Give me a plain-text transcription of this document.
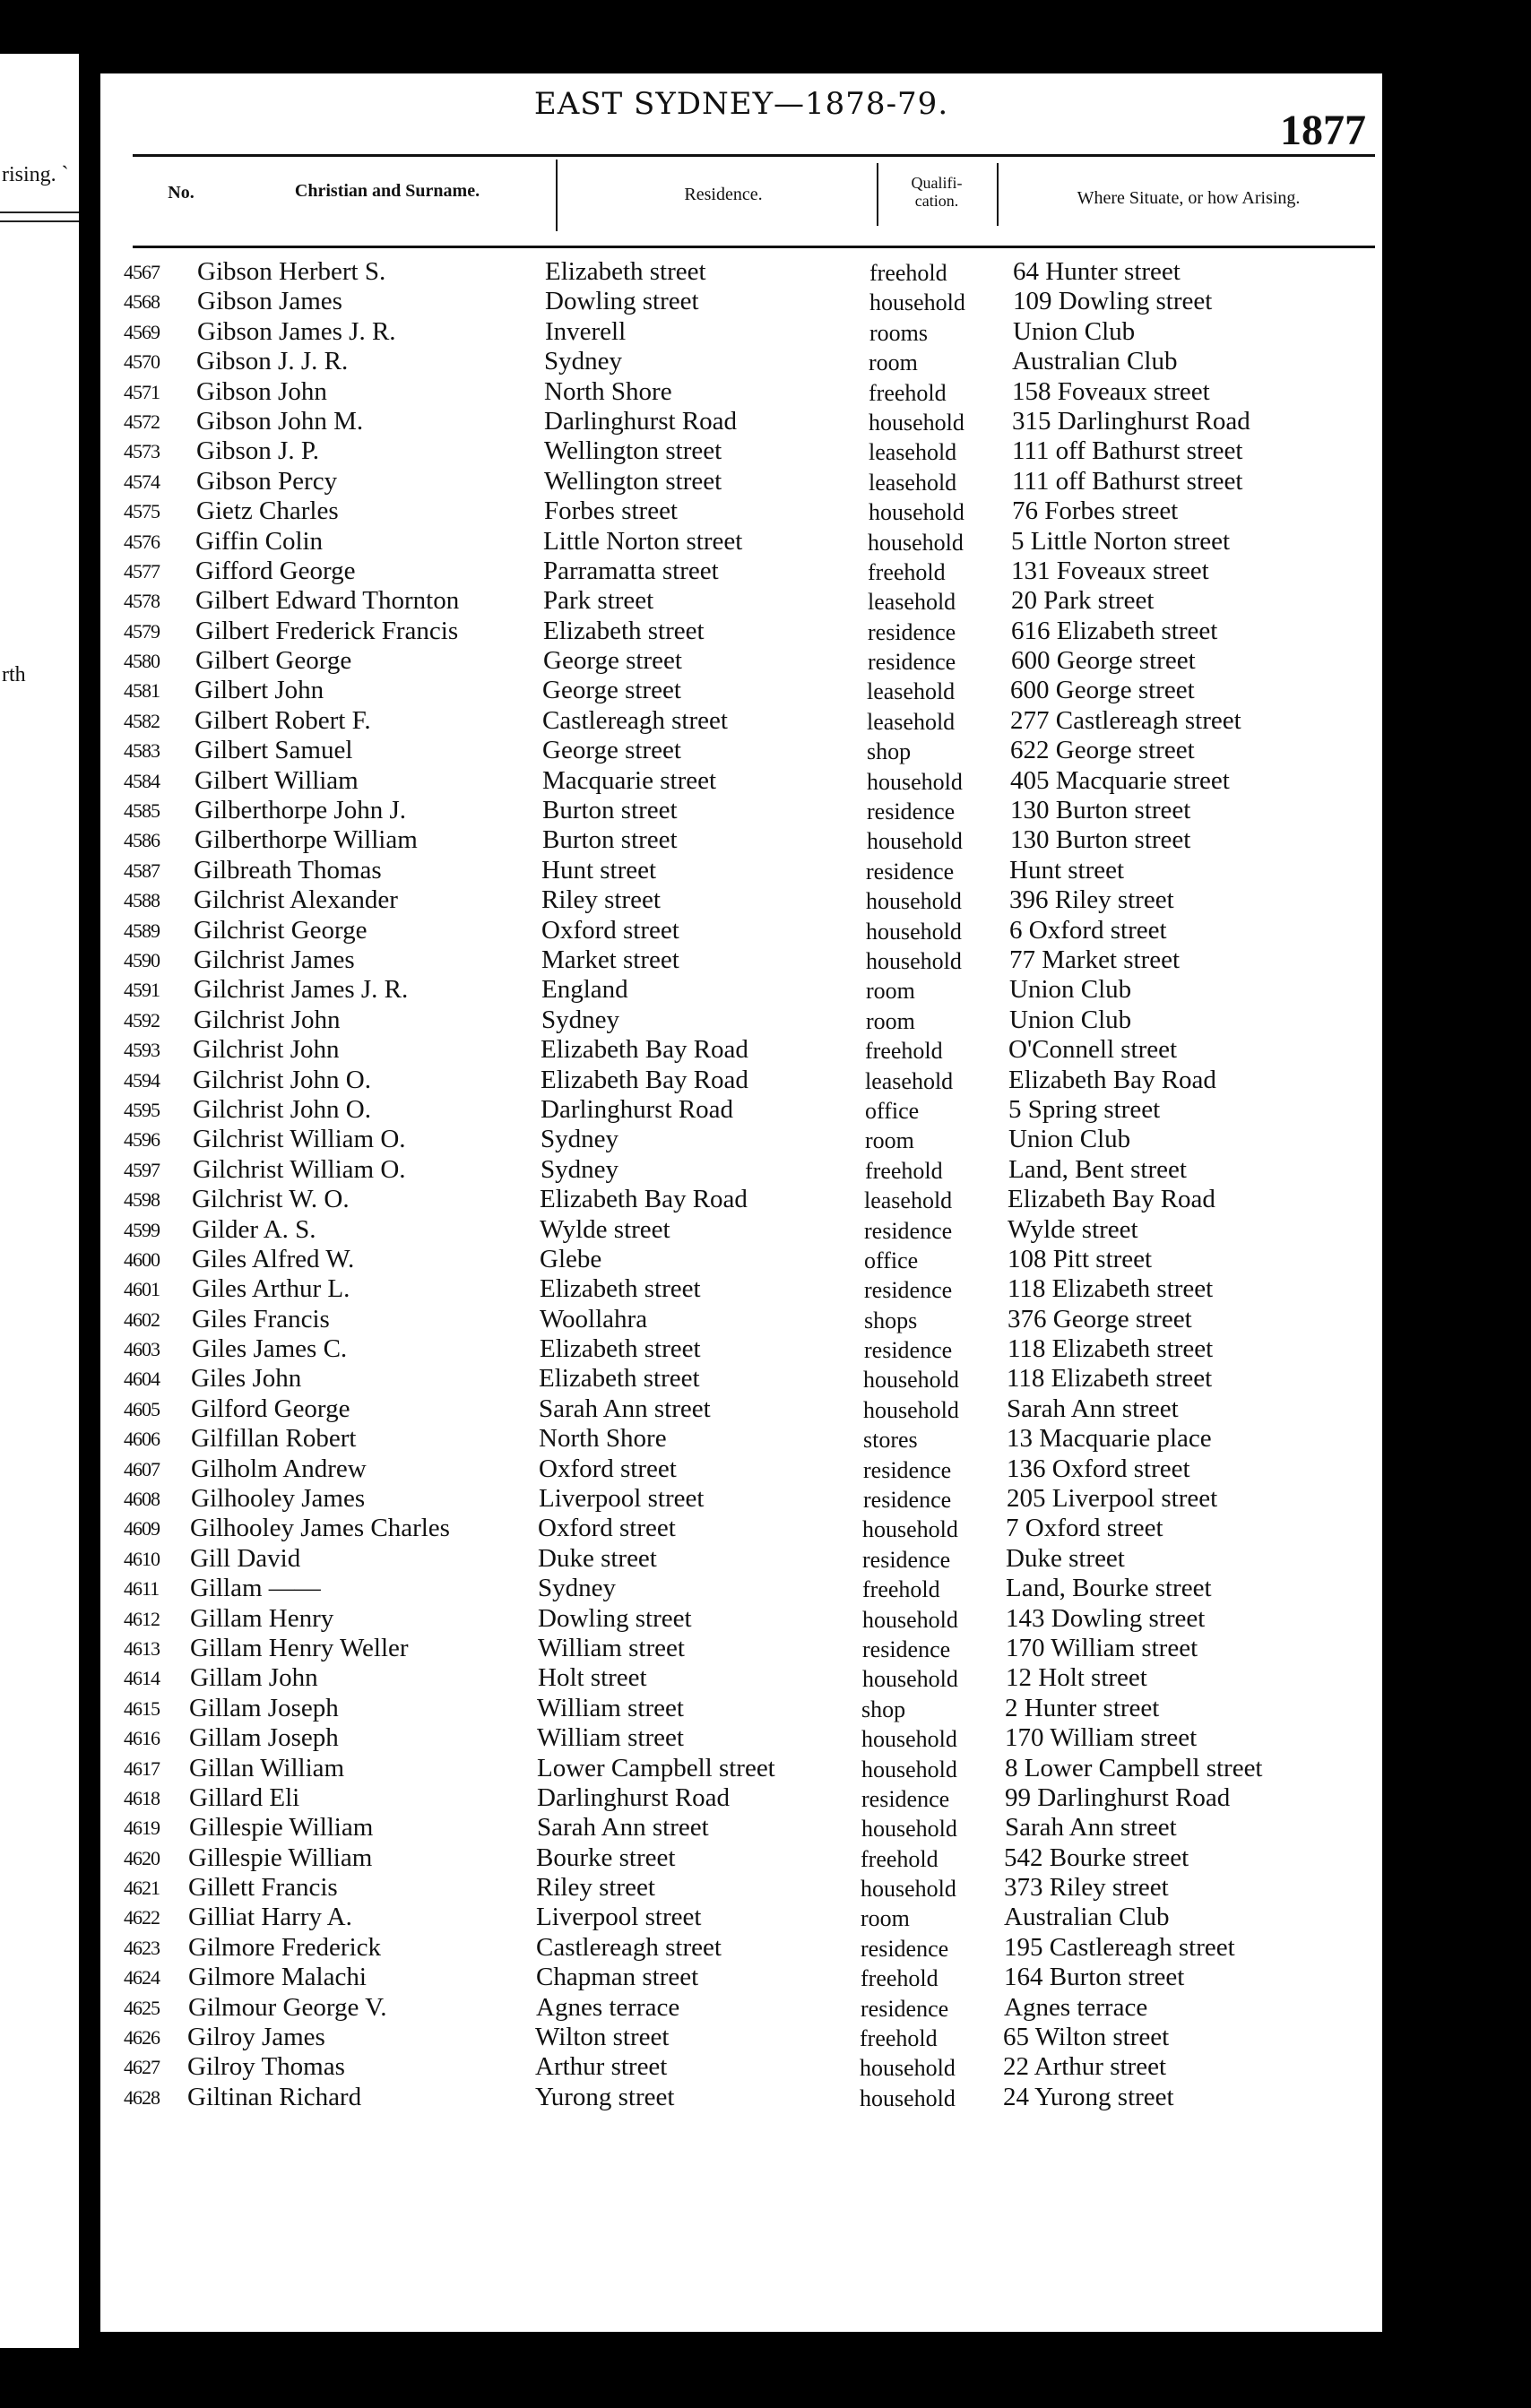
rising. `
rth
EAST SYDNEY—1878-79.
1877
No.	Christian and Surname.	Residence.
Qualifi-
cation.	Where Situate, or how Arising.
4567	Gibson Herbert S.	Elizabeth street	freehold	64 Hunter street
4568	Gibson James	Dowling street	household 109 Dowling street
4569	Gibson James J. R.	Inverell	rooms	Union Club
4570	Gibson J. J. R.	Sydney	room	Australian Club
4571	Gibson John	North Shore	freehold	158 Foveaux street
4572	Gibson John M.	Darlinghurst Road	household 315 Darlinghurst Road
4573	Gibson J. P.	Wellington street	leasehold 111 off Bathurst street
4574	Gibson Percy	Wellington street	leasehold 111 off Bathurst street
4575	Gietz Charles	Forbes street	household 76 Forbes street
4576	Giffin Colin	Little Norton street	household 5 Little Norton street
4577	Gifford George	Parramatta street	freehold	131 Foveaux street
4578	Gilbert Edward Thornton	Park street	leasehold 20 Park street
4579	Gilbert Frederick Francis	Elizabeth street	residence 616 Elizabeth street
4580	Gilbert George	George street	residence 600 George street
4581	Gilbert John	George street	leasehold 600 George street
4582	Gilbert Robert F.	Castlereagh street	leasehold 277 Castlereagh street
4583	Gilbert Samuel	George street	shop	622 George street
4584	Gilbert William	Macquarie street	household 405 Macquarie street
4585	Gilberthorpe John J.	Burton street	residence 130 Burton street
4586	Gilberthorpe William	Burton street	household 130 Burton street
4587	Gilbreath Thomas	Hunt street	residence Hunt street
4588	Gilchrist Alexander	Riley street	household 396 Riley street
4589	Gilchrist George	Oxford street	household 6 Oxford street
4590	Gilchrist James	Market street	household 77 Market street
4591	Gilchrist James J. R.	England	room	Union Club
4592	Gilchrist John	Sydney	room	Union Club
4593	Gilchrist John	Elizabeth Bay Road	freehold	O'Connell street
4594	Gilchrist John O.	Elizabeth Bay Road	leasehold Elizabeth Bay Road
4595	Gilchrist John O.	Darlinghurst Road	office	5 Spring street
4596	Gilchrist William O.	Sydney	room	Union Club
4597	Gilchrist William O.	Sydney	freehold	Land, Bent street
4598	Gilchrist W. O.	Elizabeth Bay Road	leasehold Elizabeth Bay Road
4599	Gilder A. S.	Wylde street	residence Wylde street
4600	Giles Alfred W.	Glebe	office	108 Pitt street
4601	Giles Arthur L.	Elizabeth street	residence 118 Elizabeth street
4602	Giles Francis	Woollahra	shops	376 George street
4603	Giles James C.	Elizabeth street	residence 118 Elizabeth street
4604	Giles John	Elizabeth street	household 118 Elizabeth street
4605	Gilford George	Sarah Ann street	household Sarah Ann street
4606	Gilfillan Robert	North Shore	stores	13 Macquarie place
4607	Gilholm Andrew	Oxford street	residence 136 Oxford street
4608	Gilhooley James	Liverpool street	residence 205 Liverpool street
4609	Gilhooley James Charles	Oxford street	household 7 Oxford street
4610	Gill David	Duke street	residence Duke street
4611	Gillam ——	Sydney	freehold	Land, Bourke street
4612	Gillam Henry	Dowling street	household 143 Dowling street
4613	Gillam Henry Weller	William street	residence 170 William street
4614	Gillam John	Holt street	household 12 Holt street
4615	Gillam Joseph	William street	shop	2 Hunter street
4616	Gillam Joseph	William street	household 170 William street
4617	Gillan William	Lower Campbell street	household 8 Lower Campbell street
4618	Gillard Eli	Darlinghurst Road	residence 99 Darlinghurst Road
4619	Gillespie William	Sarah Ann street	household Sarah Ann street
4620	Gillespie William	Bourke street	freehold	542 Bourke street
4621	Gillett Francis	Riley street	household 373 Riley street
4622	Gilliat Harry A.	Liverpool street	room	Australian Club
4623	Gilmore Frederick	Castlereagh street	residence 195 Castlereagh street
4624	Gilmore Malachi	Chapman street	freehold	164 Burton street
4625	Gilmour George V.	Agnes terrace	residence Agnes terrace
4626	Gilroy James	Wilton street	freehold	65 Wilton street
4627	Gilroy Thomas	Arthur street	household 22 Arthur street
4628	Giltinan Richard	Yurong street	household 24 Yurong street
